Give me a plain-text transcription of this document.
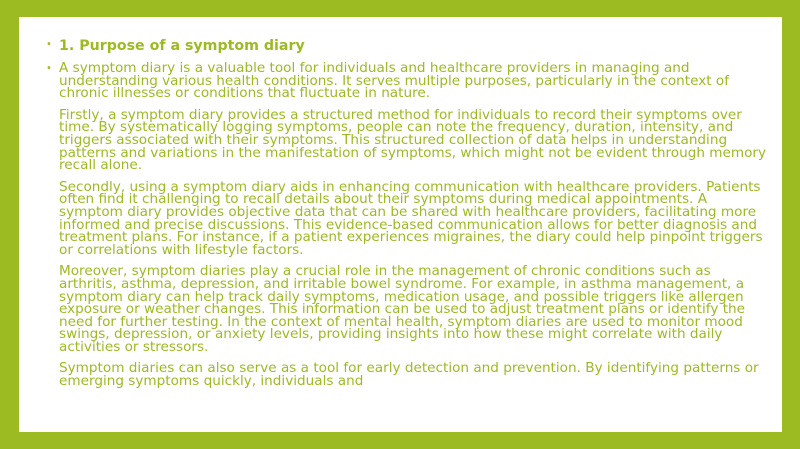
• 1. Purpose of a symptom diary
• A symptom diary is a valuable tool for individuals and healthcare providers in managing and understanding various health conditions. It serves multiple purposes, particularly in the context of chronic illnesses or conditions that fluctuate in nature.
Firstly, a symptom diary provides a structured method for individuals to record their symptoms over time. By systematically logging symptoms, people can note the frequency, duration, intensity, and triggers associated with their symptoms. This structured collection of data helps in understanding patterns and variations in the manifestation of symptoms, which might not be evident through memory recall alone.
Secondly, using a symptom diary aids in enhancing communication with healthcare providers. Patients often find it challenging to recall details about their symptoms during medical appointments. A symptom diary provides objective data that can be shared with healthcare providers, facilitating more informed and precise discussions. This evidence-based communication allows for better diagnosis and treatment plans. For instance, if a patient experiences migraines, the diary could help pinpoint triggers or correlations with lifestyle factors.
Moreover, symptom diaries play a crucial role in the management of chronic conditions such as arthritis, asthma, depression, and irritable bowel syndrome. For example, in asthma management, a symptom diary can help track daily symptoms, medication usage, and possible triggers like allergen exposure or weather changes. This information can be used to adjust treatment plans or identify the need for further testing. In the context of mental health, symptom diaries are used to monitor mood swings, depression, or anxiety levels, providing insights into how these might correlate with daily activities or stressors.
Symptom diaries can also serve as a tool for early detection and prevention. By identifying patterns or emerging symptoms quickly, individuals and
